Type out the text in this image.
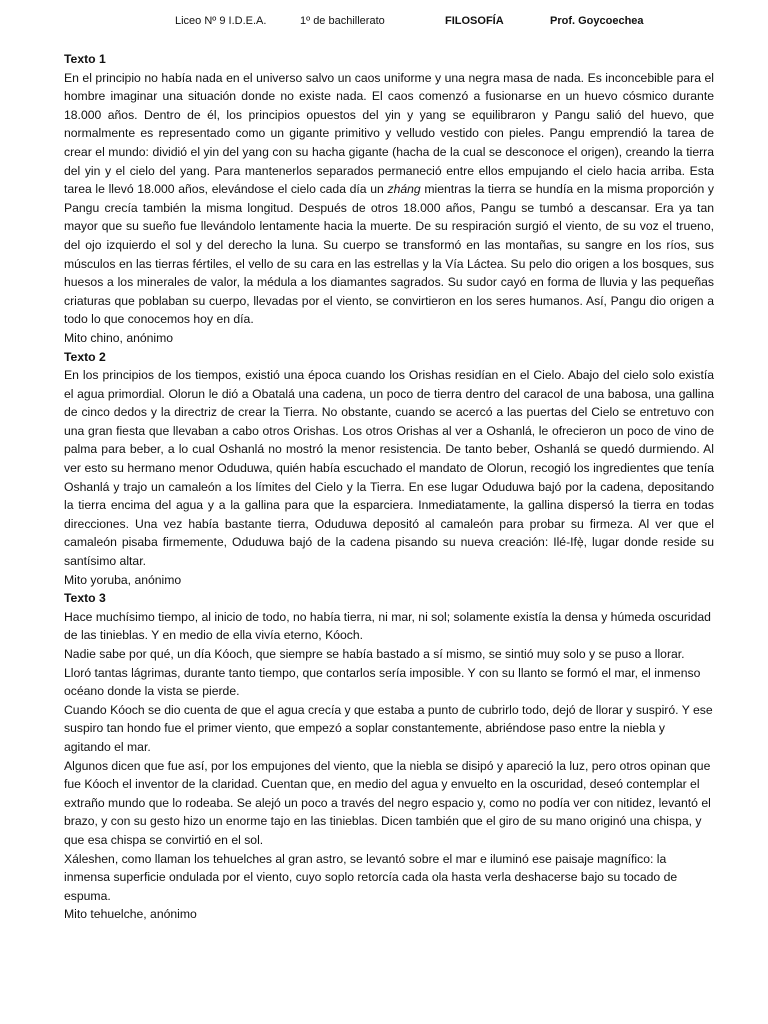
Liceo Nº 9 I.D.E.A.	1º de bachillerato	FILOSOFÍA	Prof. Goycoechea

Texto 1

En el principio no había nada en el universo salvo un caos uniforme y una negra masa de nada. Es inconcebible para el hombre imaginar una situación donde no existe nada. El caos comenzó a fusionarse en un huevo cósmico durante 18.000 años. Dentro de él, los principios opuestos del yin y yang se equilibraron y Pangu salió del huevo, que normalmente es representado como un gigante primitivo y velludo vestido con pieles. Pangu emprendió la tarea de crear el mundo: dividió el yin del yang con su hacha gigante (hacha de la cual se desconoce el origen), creando la tierra del yin y el cielo del yang. Para mantenerlos separados permaneció entre ellos empujando el cielo hacia arriba. Esta tarea le llevó 18.000 años, elevándose el cielo cada día un zháng mientras la tierra se hundía en la misma proporción y Pangu crecía también la misma longitud. Después de otros 18.000 años, Pangu se tumbó a descansar. Era ya tan mayor que su sueño fue llevándolo lentamente hacia la muerte. De su respiración surgió el viento, de su voz el trueno, del ojo izquierdo el sol y del derecho la luna. Su cuerpo se transformó en las montañas, su sangre en los ríos, sus músculos en las tierras fértiles, el vello de su cara en las estrellas y la Vía Láctea. Su pelo dio origen a los bosques, sus huesos a los minerales de valor, la médula a los diamantes sagrados. Su sudor cayó en forma de lluvia y las pequeñas criaturas que poblaban su cuerpo, llevadas por el viento, se convirtieron en los seres humanos. Así, Pangu dio origen a todo lo que conocemos hoy en día.

Mito chino, anónimo

Texto 2

En los principios de los tiempos, existió una época cuando los Orishas residían en el Cielo. Abajo del cielo solo existía el agua primordial. Olorun le dió a Obatalá una cadena, un poco de tierra dentro del caracol de una babosa, una gallina de cinco dedos y la directriz de crear la Tierra. No obstante, cuando se acercó a las puertas del Cielo se entretuvo con una gran fiesta que llevaban a cabo otros Orishas. Los otros Orishas al ver a Oshanlá, le ofrecieron un poco de vino de palma para beber, a lo cual Oshanlá no mostró la menor resistencia. De tanto beber, Oshanlá se quedó durmiendo. Al ver esto su hermano menor Oduduwa, quién había escuchado el mandato de Olorun, recogió los ingredientes que tenía Oshanlá y trajo un camaleón a los límites del Cielo y la Tierra. En ese lugar Oduduwa bajó por la cadena, depositando la tierra encima del agua y a la gallina para que la esparciera. Inmediatamente, la gallina dispersó la tierra en todas direcciones. Una vez había bastante tierra, Oduduwa depositó al camaleón para probar su firmeza. Al ver que el camaleón pisaba firmemente, Oduduwa bajó de la cadena pisando su nueva creación: Ilé-Ifẹ̀, lugar donde reside su santísimo altar.

Mito yoruba, anónimo

Texto 3

Hace muchísimo tiempo, al inicio de todo, no había tierra, ni mar, ni sol; solamente existía la densa y húmeda oscuridad de las tinieblas. Y en medio de ella vivía eterno, Kóoch.

Nadie sabe por qué, un día Kóoch, que siempre se había bastado a sí mismo, se sintió muy solo y se puso a llorar. Lloró tantas lágrimas, durante tanto tiempo, que contarlos sería imposible. Y con su llanto se formó el mar, el inmenso océano donde la vista se pierde.

Cuando Kóoch se dio cuenta de que el agua crecía y que estaba a punto de cubrirlo todo, dejó de llorar y suspiró. Y ese suspiro tan hondo fue el primer viento, que empezó a soplar constantemente, abriéndose paso entre la niebla y agitando el mar.

Algunos dicen que fue así, por los empujones del viento, que la niebla se disipó y apareció la luz, pero otros opinan que fue Kóoch el inventor de la claridad. Cuentan que, en medio del agua y envuelto en la oscuridad, deseó contemplar el extraño mundo que lo rodeaba. Se alejó un poco a través del negro espacio y, como no podía ver con nitidez, levantó el brazo, y con su gesto hizo un enorme tajo en las tinieblas. Dicen también que el giro de su mano originó una chispa, y que esa chispa se convirtió en el sol.

Xáleshen, como llaman los tehuelches al gran astro, se levantó sobre el mar e iluminó ese paisaje magnífico: la inmensa superficie ondulada por el viento, cuyo soplo retorcía cada ola hasta verla deshacerse bajo su tocado de espuma.

Mito tehuelche, anónimo
